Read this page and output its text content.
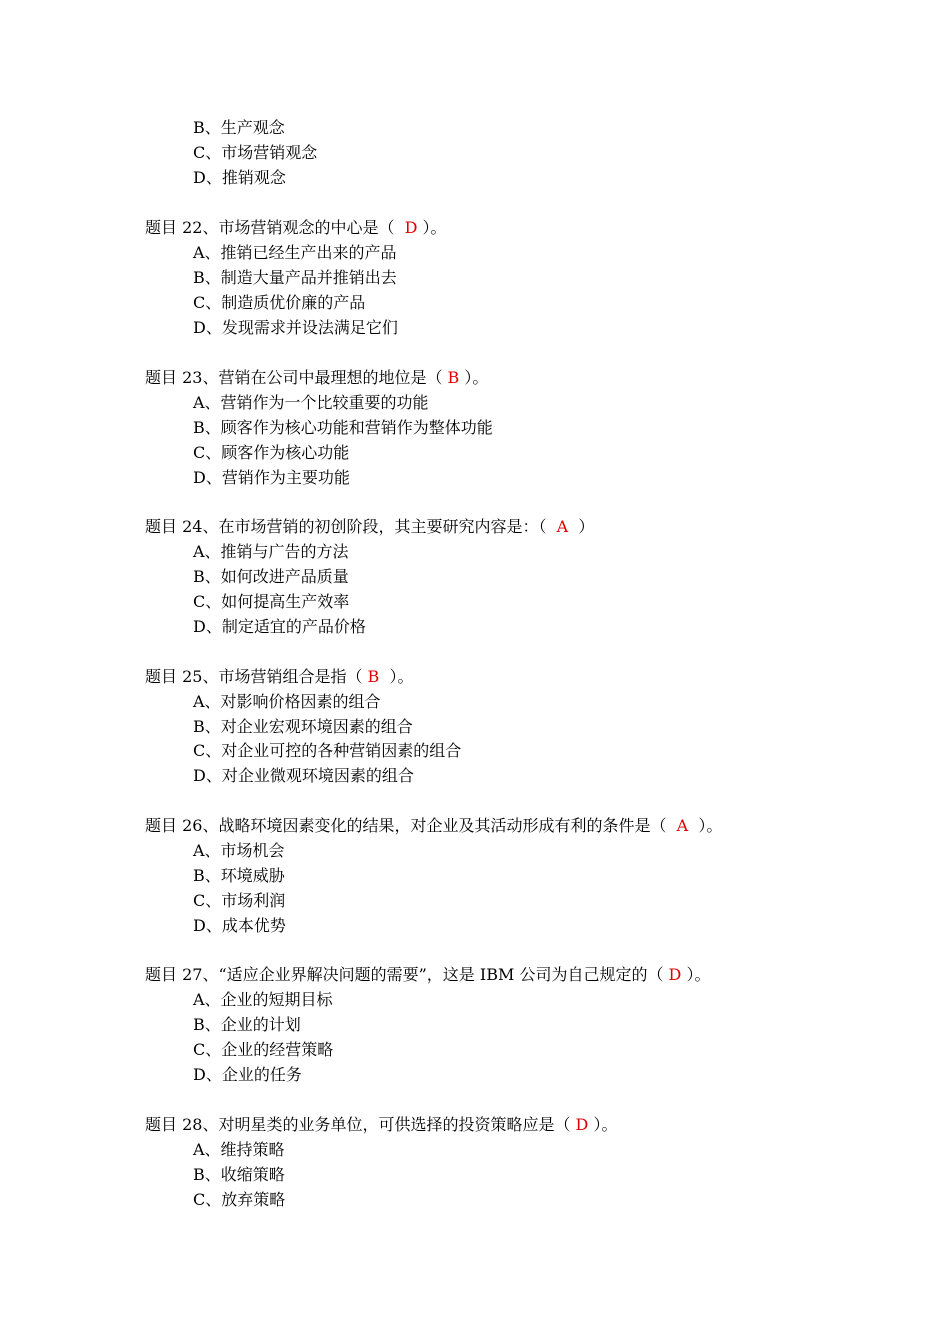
B、生产观念
C、市场营销观念
D、推销观念
题目 22、市场营销观念的中心是（  D ）。
A、推销已经生产出来的产品
B、制造大量产品并推销出去
C、制造质优价廉的产品
D、发现需求并设法满足它们
题目 23、营销在公司中最理想的地位是（ B ）。
A、营销作为一个比较重要的功能
B、顾客作为核心功能和营销作为整体功能
C、顾客作为核心功能
D、营销作为主要功能
题目 24、在市场营销的初创阶段，其主要研究内容是：（  A  ）
A、推销与广告的方法
B、如何改进产品质量
C、如何提高生产效率
D、制定适宜的产品价格
题目 25、市场营销组合是指（ B  ）。
A、对影响价格因素的组合
B、对企业宏观环境因素的组合
C、对企业可控的各种营销因素的组合
D、对企业微观环境因素的组合
题目 26、战略环境因素变化的结果，对企业及其活动形成有利的条件是（  A  ）。
A、市场机会
B、环境威胁
C、市场利润
D、成本优势
题目 27、“适应企业界解决问题的需要”，这是 IBM 公司为自己规定的（ D ）。
A、企业的短期目标
B、企业的计划
C、企业的经营策略
D、企业的任务
题目 28、对明星类的业务单位，可供选择的投资策略应是（ D ）。
A、维持策略
B、收缩策略
C、放弃策略
